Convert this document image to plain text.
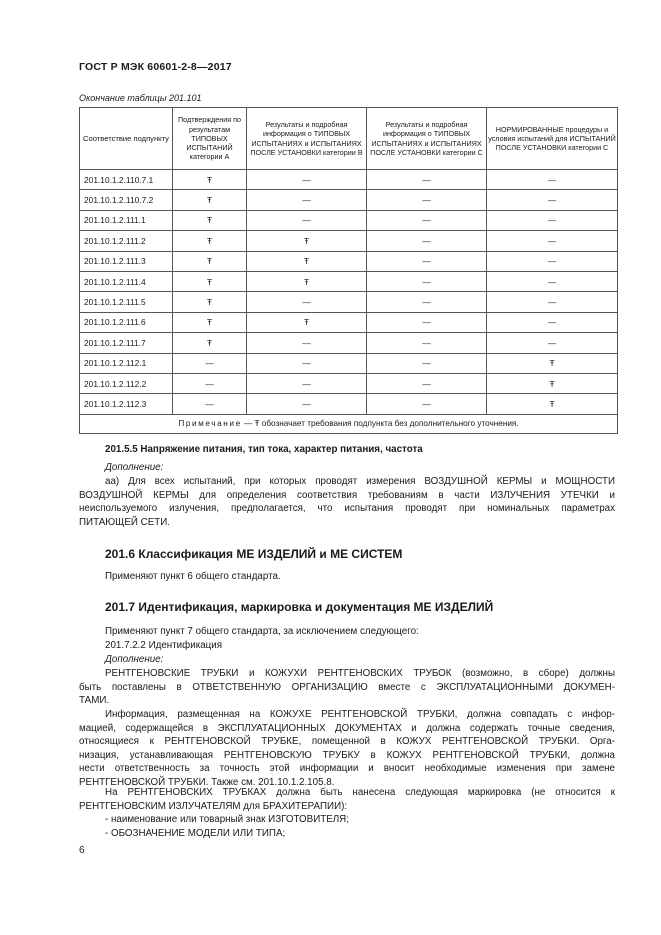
ГОСТ Р МЭК 60601-2-8—2017
Окончание таблицы 201.101
Соответствие подпункту	Подтверждения по результатам ТИПОВЫХ ИСПЫТАНИЙ категории А	Результаты и подробная информация о ТИПОВЫХ ИСПЫТАНИЯХ и ИСПЫТАНИЯХ ПОСЛЕ УСТАНОВКИ категории В	Результаты и подробная информация о ТИПОВЫХ ИСПЫТАНИЯХ и ИСПЫТАНИЯХ ПОСЛЕ УСТАНОВКИ категории С	НОРМИРОВАННЫЕ процедуры и условия испытаний для ИСПЫТАНИЙ ПОСЛЕ УСТАНОВКИ категории С
201.10.1.2.110.7.1	Ŧ	—	—	—
201.10.1.2.110.7.2	Ŧ	—	—	—
201.10.1.2.111.1	Ŧ	—	—	—
201.10.1.2.111.2	Ŧ	Ŧ	—	—
201.10.1.2.111.3	Ŧ	Ŧ	—	—
201.10.1.2.111.4	Ŧ	Ŧ	—	—
201.10.1.2.111.5	Ŧ	—	—	—
201.10.1.2.111.6	Ŧ	Ŧ	—	—
201.10.1.2.111.7	Ŧ	—	—	—
201.10.1.2.112.1	—	—	—	Ŧ
201.10.1.2.112.2	—	—	—	Ŧ
201.10.1.2.112.3	—	—	—	Ŧ
Примечание — Ŧ обозначает требования подпункта без дополнительного уточнения.				
201.5.5 Напряжение питания, тип тока, характер питания, частота
Дополнение:
аа) Для всех испытаний, при которых проводят измерения ВОЗДУШНОЙ КЕРМЫ и МОЩНОСТИ
ВОЗДУШНОЙ КЕРМЫ для определения соответствия требованиям в части ИЗЛУЧЕНИЯ УТЕЧКИ и
неиспользуемого излучения, предполагается, что испытания проводят при номинальных параметрах
ПИТАЮЩЕЙ СЕТИ.
201.6 Классификация МЕ ИЗДЕЛИЙ и МЕ СИСТЕМ
Применяют пункт 6 общего стандарта.
201.7 Идентификация, маркировка и документация МЕ ИЗДЕЛИЙ
Применяют пункт 7 общего стандарта, за исключением следующего:
201.7.2.2 Идентификация
Дополнение:
РЕНТГЕНОВСКИЕ ТРУБКИ и КОЖУХИ РЕНТГЕНОВСКИХ ТРУБОК (возможно, в сборе) должны
быть поставлены в ОТВЕТСТВЕННУЮ ОРГАНИЗАЦИЮ вместе с ЭКСПЛУАТАЦИОННЫМИ ДОКУМЕН-
ТАМИ.
Информация, размещенная на КОЖУХЕ РЕНТГЕНОВСКОЙ ТРУБКИ, должна совпадать с инфор-
мацией, содержащейся в ЭКСПЛУАТАЦИОННЫХ ДОКУМЕНТАХ и должна содержать точные сведения,
относящиеся к РЕНТГЕНОВСКОЙ ТРУБКЕ, помещенной в КОЖУХ РЕНТГЕНОВСКОЙ ТРУБКИ. Орга-
низация, устанавливающая РЕНТГЕНОВСКУЮ ТРУБКУ в КОЖУХ РЕНТГЕНОВСКОЙ ТРУБКИ, должна
нести ответственность за точность этой информации и вносит необходимые изменения при замене
РЕНТГЕНОВСКОЙ ТРУБКИ. Также см. 201.10.1.2.105.8.
На РЕНТГЕНОВСКИХ ТРУБКАХ должна быть нанесена следующая маркировка (не относится к
РЕНТГЕНОВСКИМ ИЗЛУЧАТЕЛЯМ для БРАХИТЕРАПИИ):
- наименование или товарный знак ИЗГОТОВИТЕЛЯ;
- ОБОЗНАЧЕНИЕ МОДЕЛИ ИЛИ ТИПА;
6
